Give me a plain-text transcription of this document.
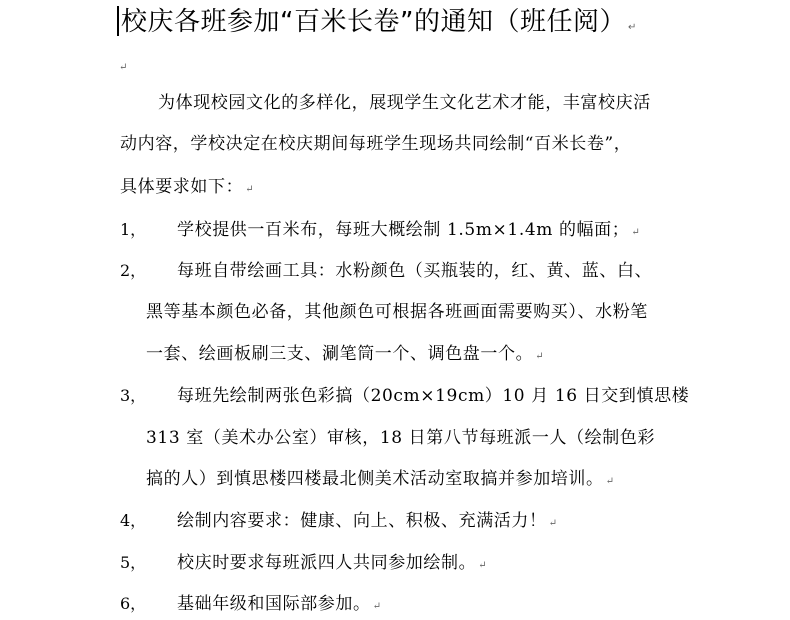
校庆各班参加“百米长卷”的通知（班任阅） ↵
↵
为体现校园文化的多样化，展现学生文化艺术才能，丰富校庆活
动内容，学校决定在校庆期间每班学生现场共同绘制“百米长卷”，
具体要求如下： ↵
1， 学校提供一百米布，每班大概绘制 1.5m×1.4m 的幅面； ↵
2， 每班自带绘画工具：水粉颜色（买瓶装的，红、黄、蓝、白、
黑等基本颜色必备，其他颜色可根据各班画面需要购买）、水粉笔
一套、绘画板刷三支、涮笔筒一个、调色盘一个。 ↵
3， 每班先绘制两张色彩搞（20cm×19cm）10 月 16 日交到慎思楼
313 室（美术办公室）审核，18 日第八节每班派一人（绘制色彩
搞的人）到慎思楼四楼最北侧美术活动室取搞并参加培训。 ↵
4， 绘制内容要求：健康、向上、积极、充满活力！ ↵
5， 校庆时要求每班派四人共同参加绘制。 ↵
6， 基础年级和国际部参加。 ↵
